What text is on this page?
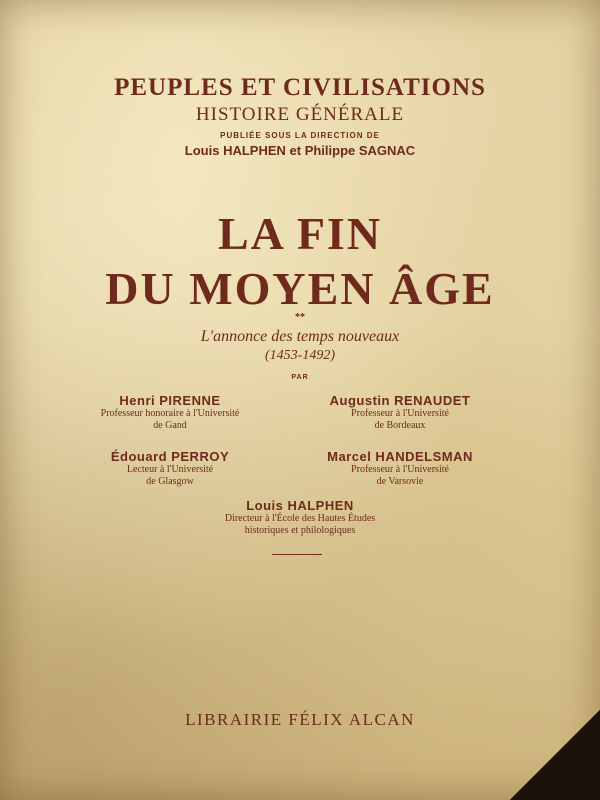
PEUPLES ET CIVILISATIONS
HISTOIRE GÉNÉRALE
PUBLIÉE SOUS LA DIRECTION DE
Louis HALPHEN et Philippe SAGNAC
LA FIN
DU MOYEN ÂGE
**
L'annonce des temps nouveaux
(1453-1492)
PAR
Henri PIRENNE
Professeur honoraire à l'Université
de Gand
Augustin RENAUDET
Professeur à l'Université
de Bordeaux
Édouard PERROY
Lecteur à l'Université
de Glasgow
Marcel HANDELSMAN
Professeur à l'Université
de Varsovie
Louis HALPHEN
Directeur à l'École des Hautes Études
historiques et philologiques
LIBRAIRIE FÉLIX ALCAN
